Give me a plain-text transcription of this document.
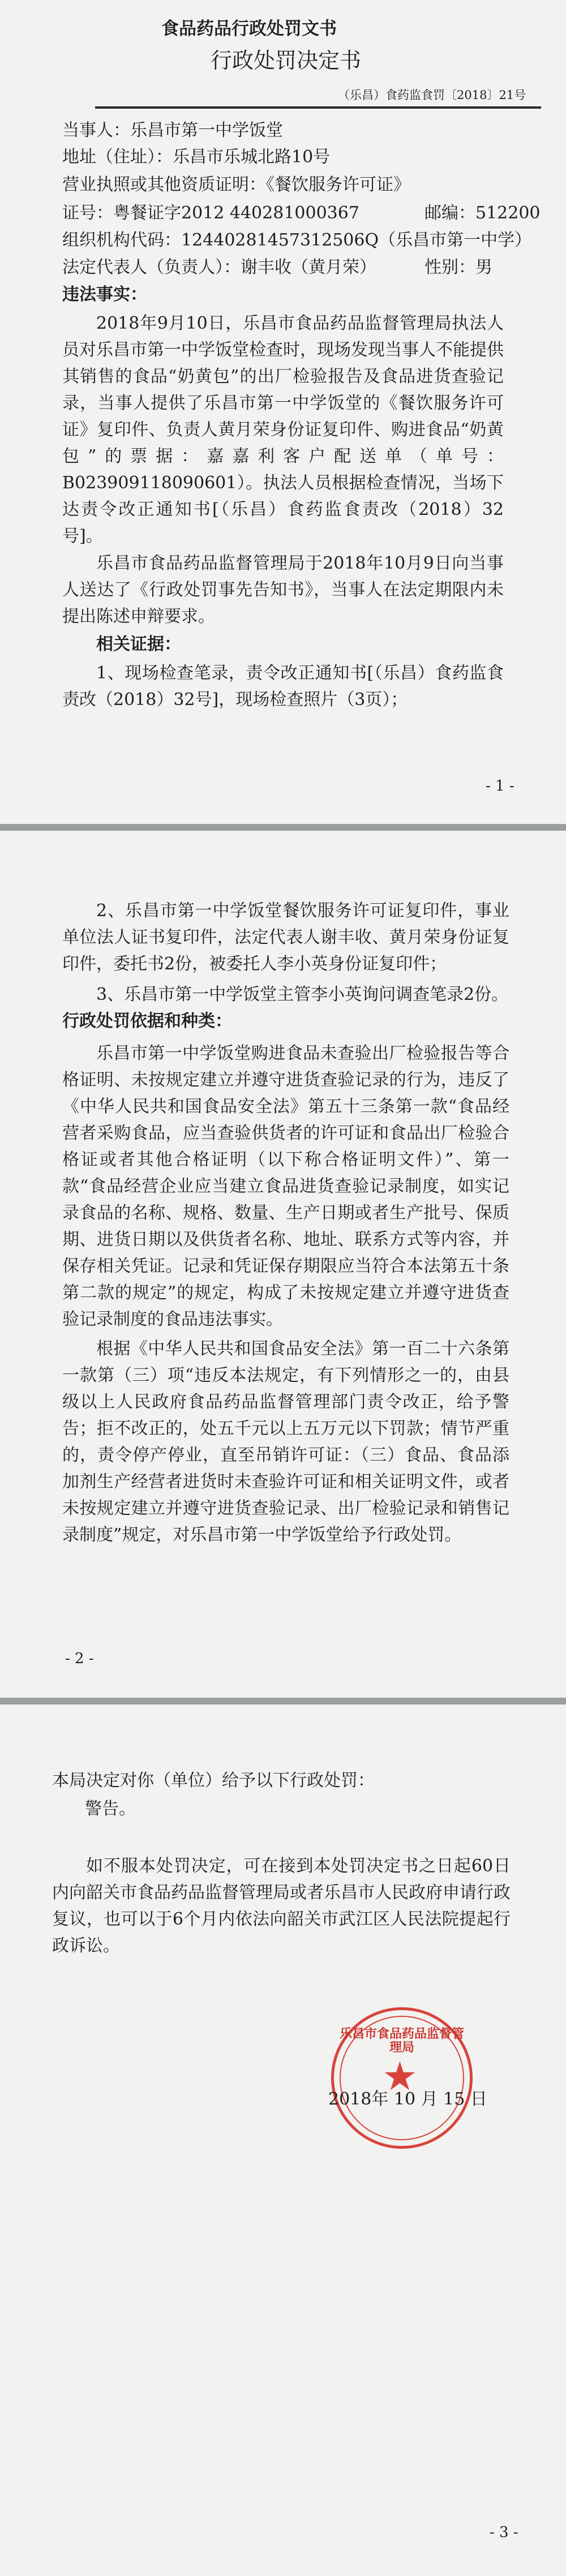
食品药品行政处罚文书
行政处罚决定书
（乐昌）食药监食罚〔2018〕21号
当事人：乐昌市第一中学饭堂
地址（住址）：乐昌市乐城北路10号
营业执照或其他资质证明：《餐饮服务许可证》
证号：粤餐证字2012 440281000367	邮编：512200
组织机构代码：12440281457312506Q（乐昌市第一中学）
法定代表人（负责人）：谢丰收（黄月荣）	性别：男
违法事实：
2018年9月10日，乐昌市食品药品监督管理局执法人员对乐昌市第一中学饭堂检查时，现场发现当事人不能提供其销售的食品“奶黄包”的出厂检验报告及食品进货查验记录，当事人提供了乐昌市第一中学饭堂的《餐饮服务许可证》复印件、负责人黄月荣身份证复印件、购进食品“奶黄包”的票据：嘉嘉利客户配送单（单号：B023909118090601）。执法人员根据检查情况，当场下达责令改正通知书[（乐昌）食药监食责改（2018）32号]。
乐昌市食品药品监督管理局于2018年10月9日向当事人送达了《行政处罚事先告知书》，当事人在法定期限内未提出陈述申辩要求。
相关证据：
1、现场检查笔录，责令改正通知书[（乐昌）食药监食责改（2018）32号]，现场检查照片（3页）；
- 1 -
2、乐昌市第一中学饭堂餐饮服务许可证复印件，事业单位法人证书复印件，法定代表人谢丰收、黄月荣身份证复印件，委托书2份，被委托人李小英身份证复印件；
3、乐昌市第一中学饭堂主管李小英询问调查笔录2份。
行政处罚依据和种类：
乐昌市第一中学饭堂购进食品未查验出厂检验报告等合格证明、未按规定建立并遵守进货查验记录的行为，违反了《中华人民共和国食品安全法》第五十三条第一款“食品经营者采购食品，应当查验供货者的许可证和食品出厂检验合格证或者其他合格证明（以下称合格证明文件）”、第一款“食品经营企业应当建立食品进货查验记录制度，如实记录食品的名称、规格、数量、生产日期或者生产批号、保质期、进货日期以及供货者名称、地址、联系方式等内容，并保存相关凭证。记录和凭证保存期限应当符合本法第五十条第二款的规定”的规定，构成了未按规定建立并遵守进货查验记录制度的食品违法事实。
根据《中华人民共和国食品安全法》第一百二十六条第一款第（三）项“违反本法规定，有下列情形之一的，由县级以上人民政府食品药品监督管理部门责令改正，给予警告；拒不改正的，处五千元以上五万元以下罚款；情节严重的，责令停产停业，直至吊销许可证：（三）食品、食品添加剂生产经营者进货时未查验许可证和相关证明文件，或者未按规定建立并遵守进货查验记录、出厂检验记录和销售记录制度”规定，对乐昌市第一中学饭堂给予行政处罚。
- 2 -
本局决定对你（单位）给予以下行政处罚：
警告。
如不服本处罚决定，可在接到本处罚决定书之日起60日内向韶关市食品药品监督管理局或者乐昌市人民政府申请行政复议，也可以于6个月内依法向韶关市武江区人民法院提起行政诉讼。
★
乐昌市食品药品监督管理局
2018年 10 月 15 日
- 3 -
